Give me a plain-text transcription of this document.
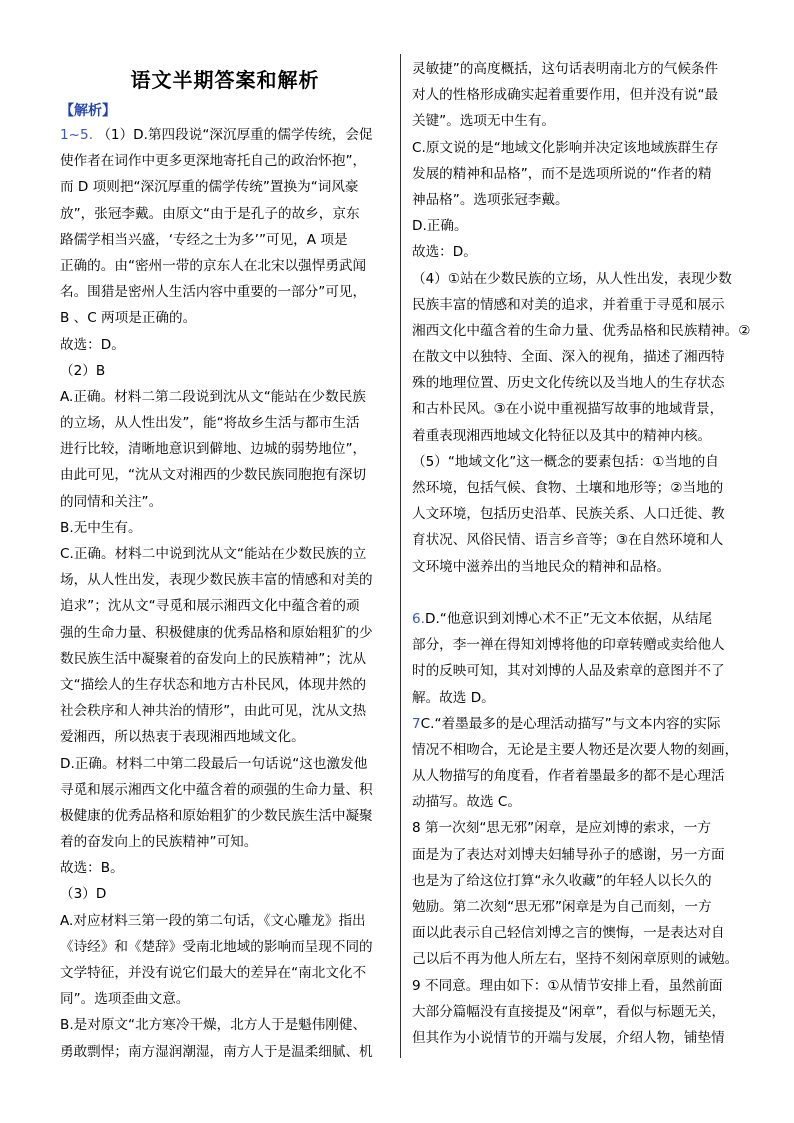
语文半期答案和解析
【解析】
1~5. （1）D.第四段说“深沉厚重的儒学传统，会促
使作者在词作中更多更深地寄托自己的政治怀抱”，
而 D 项则把“深沉厚重的儒学传统”置换为“词风豪
放”，张冠李戴。由原文“由于是孔子的故乡，京东
路儒学相当兴盛，‘专经之士为多’”可见，A 项是
正确的。由“密州一带的京东人在北宋以强悍勇武闻
名。围猎是密州人生活内容中重要的一部分”可见，
B 、C 两项是正确的。
故选：D。
（2）B
A.正确。材料二第二段说到沈从文“能站在少数民族
的立场，从人性出发”，能“将故乡生活与都市生活
进行比较，清晰地意识到僻地、边城的弱势地位”，
由此可见，“沈从文对湘西的少数民族同胞抱有深切
的同情和关注”。
B.无中生有。
C.正确。材料二中说到沈从文“能站在少数民族的立
场，从人性出发，表现少数民族丰富的情感和对美的
追求”；沈从文“寻觅和展示湘西文化中蕴含着的顽
强的生命力量、积极健康的优秀品格和原始粗犷的少
数民族生活中凝聚着的奋发向上的民族精神”；沈从
文“描绘人的生存状态和地方古朴民风，体现井然的
社会秩序和人神共治的情形”，由此可见，沈从文热
爱湘西，所以热衷于表现湘西地域文化。
D.正确。材料二中第二段最后一句话说“这也激发他
寻觅和展示湘西文化中蕴含着的顽强的生命力量、积
极健康的优秀品格和原始粗犷的少数民族生活中凝聚
着的奋发向上的民族精神”可知。
故选：B。
（3）D
A.对应材料三第一段的第二句话，《文心雕龙》指出
《诗经》和《楚辞》受南北地域的影响而呈现不同的
文学特征，并没有说它们最大的差异在“南北文化不
同”。选项歪曲文意。
B.是对原文“北方寒冷干燥，北方人于是魁伟刚健、
勇敢剽悍；南方湿润潮湿，南方人于是温柔细腻、机
灵敏捷”的高度概括，这句话表明南北方的气候条件
对人的性格形成确实起着重要作用，但并没有说“最
关键”。选项无中生有。
C.原文说的是“地域文化影响并决定该地域族群生存
发展的精神和品格”，而不是选项所说的“作者的精
神品格”。选项张冠李戴。
D.正确。
故选：D。
（4）①站在少数民族的立场，从人性出发，表现少数
民族丰富的情感和对美的追求，并着重于寻觅和展示
湘西文化中蕴含着的生命力量、优秀品格和民族精神。②
在散文中以独特、全面、深入的视角，描述了湘西特
殊的地理位置、历史文化传统以及当地人的生存状态
和古朴民风。③在小说中重视描写故事的地域背景，
着重表现湘西地域文化特征以及其中的精神内核。
（5）“地域文化”这一概念的要素包括：①当地的自
然环境，包括气候、食物、土壤和地形等；②当地的
人文环境，包括历史沿革、民族关系、人口迁徙、教
育状况、风俗民情、语言乡音等；③在自然环境和人
文环境中滋养出的当地民众的精神和品格。
6.D.“他意识到刘博心术不正”无文本依据，从结尾
部分，李一禅在得知刘博将他的印章转赠或卖给他人
时的反映可知，其对刘博的人品及索章的意图并不了
解。故选 D。
7C.“着墨最多的是心理活动描写”与文本内容的实际
情况不相吻合，无论是主要人物还是次要人物的刻画，
从人物描写的角度看，作者着墨最多的都不是心理活
动描写。故选 C。
8 第一次刻“思无邪”闲章，是应刘博的索求，一方
面是为了表达对刘博夫妇辅导孙子的感谢，另一方面
也是为了给这位打算“永久收藏”的年轻人以长久的
勉励。第二次刻“思无邪”闲章是为自己而刻，一方
面以此表示自己轻信刘博之言的懊悔，一是表达对自
己以后不再为他人所左右，坚持不刻闲章原则的诫勉。
9 不同意。理由如下：①从情节安排上看，虽然前面
大部分篇幅没有直接提及“闲章”，看似与标题无关，
但其作为小说情节的开端与发展，介绍人物，铺垫情
